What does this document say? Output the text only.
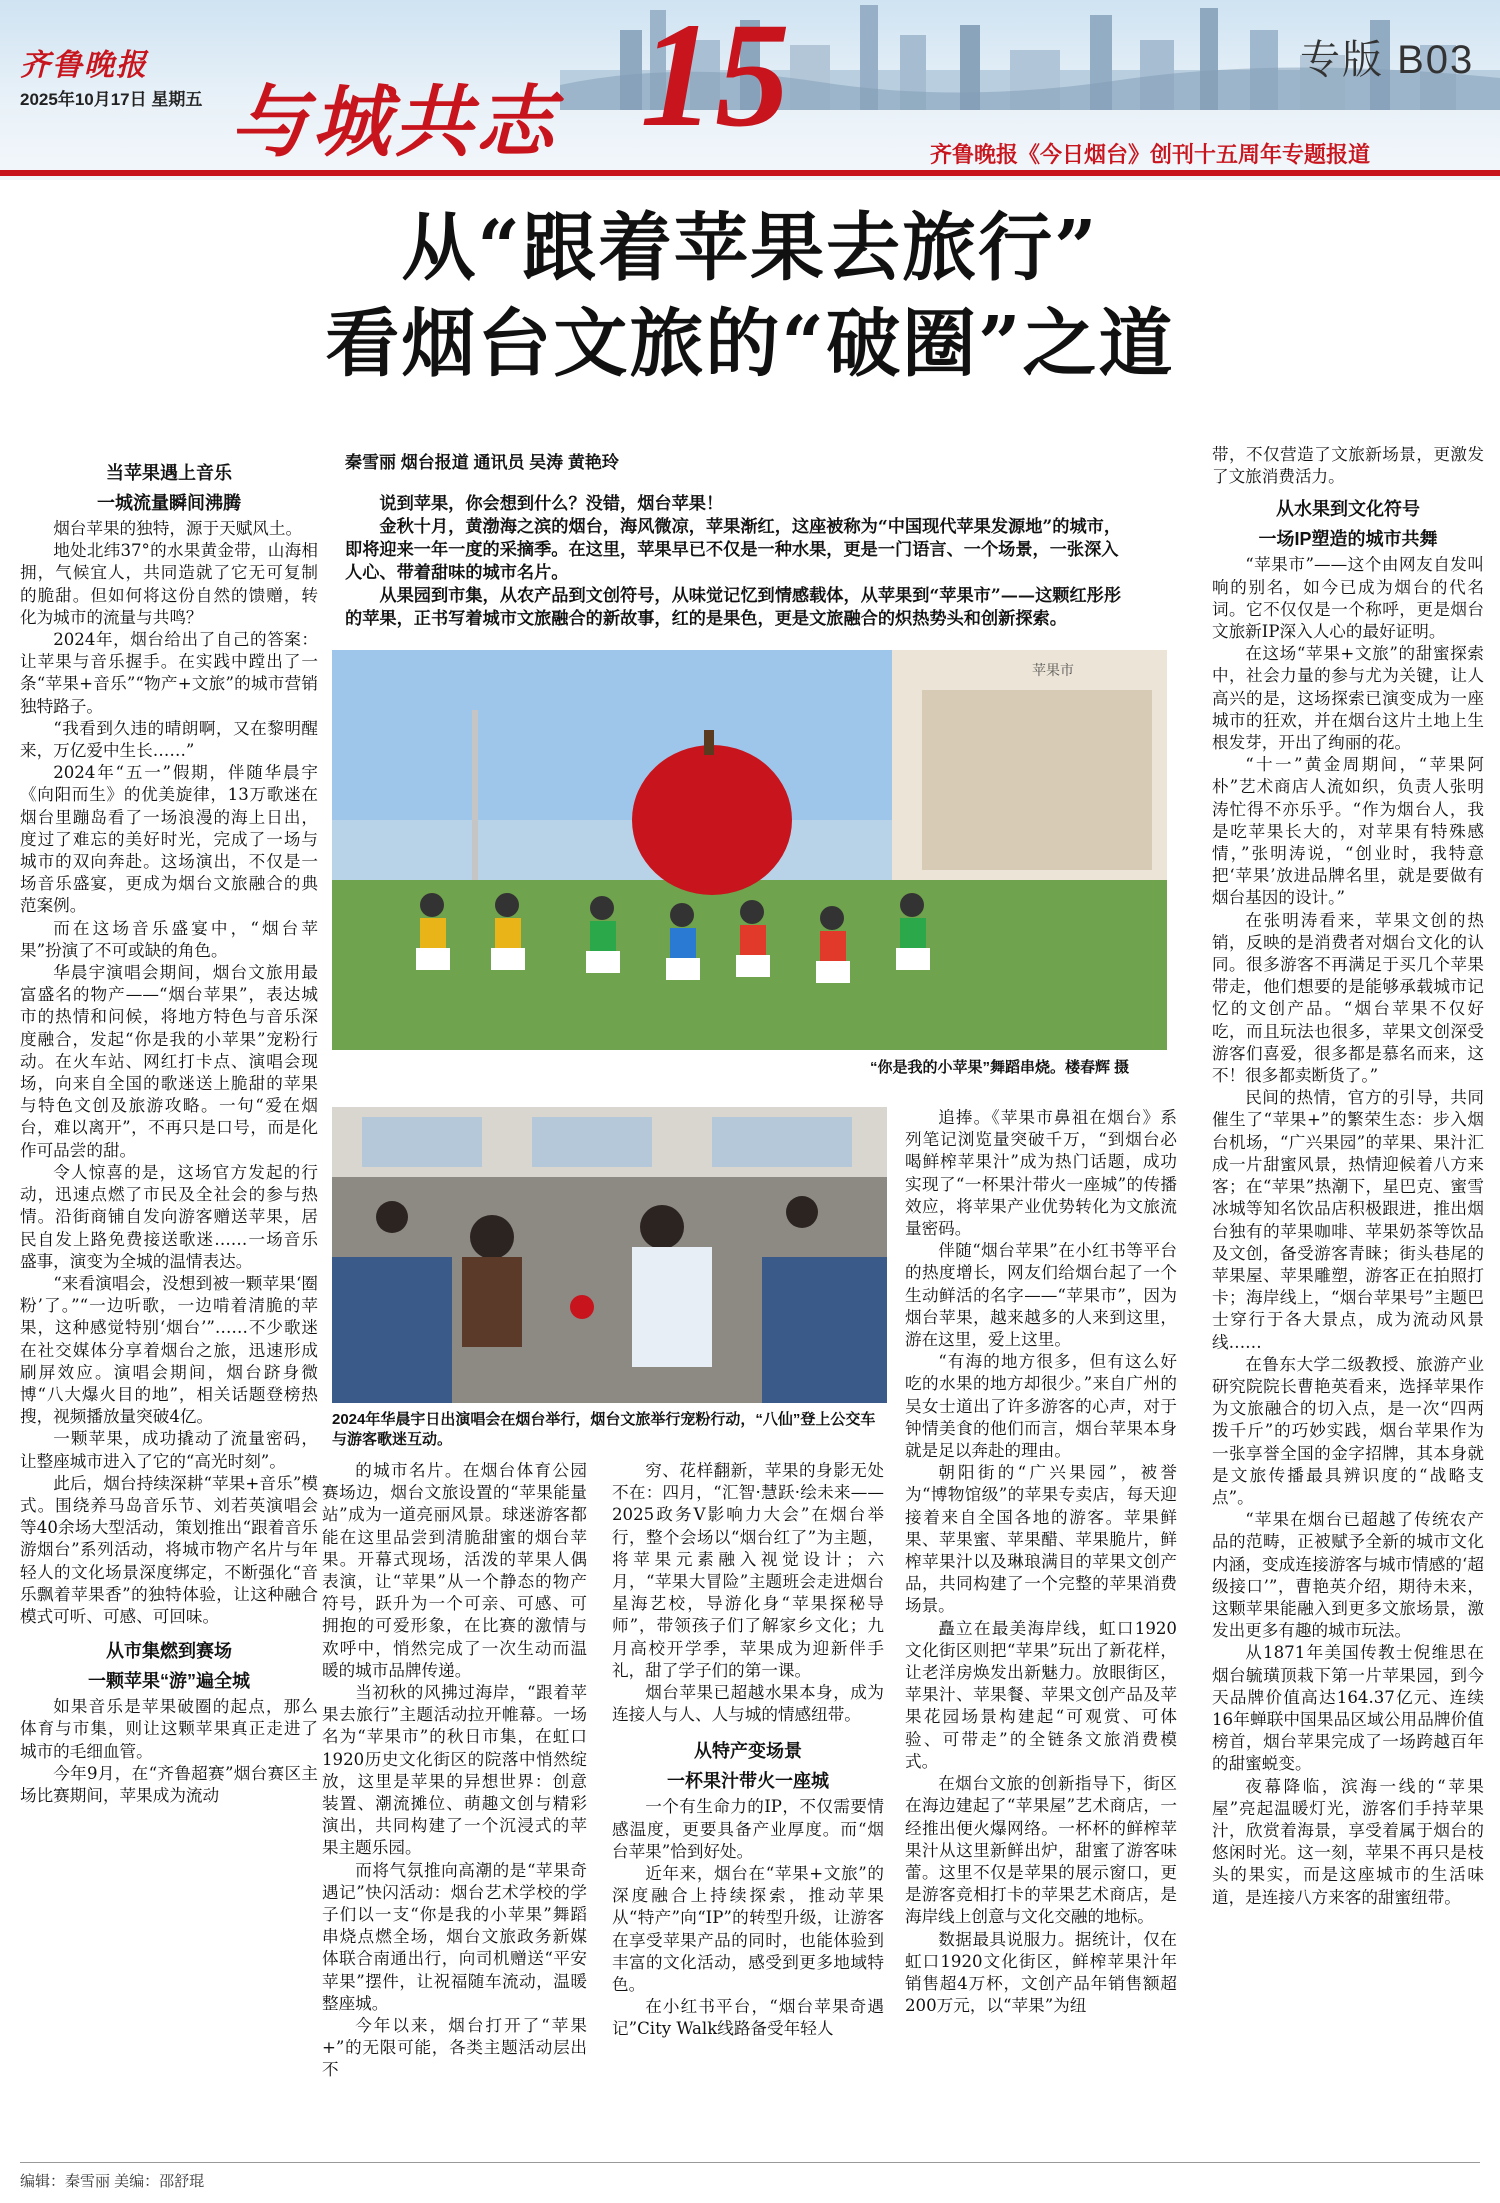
齐鲁晚报
2025年10月17日 星期五 与城共志 15	专版 B03
齐鲁晚报《今日烟台》创刊十五周年专题报道
从“跟着苹果去旅行”
看烟台文旅的“破圈”之道
秦雪丽 烟台报道 通讯员 吴涛 黄艳玲

说到苹果，你会想到什么？没错，烟台苹果！

金秋十月，黄渤海之滨的烟台，海风微凉，苹果渐红，这座被称为“中国现代苹果发源地”的城市，即将迎来一年一度的采摘季。在这里，苹果早已不仅是一种水果，更是一门语言、一个场景，一张深入人心、带着甜味的城市名片。

从果园到市集，从农产品到文创符号，从味觉记忆到情感载体，从苹果到“苹果市”——这颗红彤彤的苹果，正书写着城市文旅融合的新故事，红的是果色，更是文旅融合的炽热势头和创新探索。

当苹果遇上音乐
一城流量瞬间沸腾

烟台苹果的独特，源于天赋风土。

地处北纬37°的水果黄金带，山海相拥，气候宜人，共同造就了它无可复制的脆甜。但如何将这份自然的馈赠，转化为城市的流量与共鸣？

2024年，烟台给出了自己的答案：让苹果与音乐握手。在实践中蹚出了一条“苹果+音乐”“物产+文旅”的城市营销独特路子。

“我看到久违的晴朗啊，又在黎明醒来，万亿爱中生长……”

2024年“五一”假期，伴随华晨宇《向阳而生》的优美旋律，13万歌迷在烟台里蹦岛看了一场浪漫的海上日出，度过了难忘的美好时光，完成了一场与城市的双向奔赴。这场演出，不仅是一场音乐盛宴，更成为烟台文旅融合的典范案例。

而在这场音乐盛宴中，“烟台苹果”扮演了不可或缺的角色。

华晨宇演唱会期间，烟台文旅用最富盛名的物产——“烟台苹果”，表达城市的热情和问候，将地方特色与音乐深度融合，发起“你是我的小苹果”宠粉行动。在火车站、网红打卡点、演唱会现场，向来自全国的歌迷送上脆甜的苹果与特色文创及旅游攻略。一句“爱在烟台，难以离开”，不再只是口号，而是化作可品尝的甜。

令人惊喜的是，这场官方发起的行动，迅速点燃了市民及全社会的参与热情。沿街商铺自发向游客赠送苹果，居民自发上路免费接送歌迷……一场音乐盛事，演变为全城的温情表达。

“来看演唱会，没想到被一颗苹果‘圈粉’了。”“一边听歌，一边啃着清脆的苹果，这种感觉特别‘烟台’”……不少歌迷在社交媒体分享着烟台之旅，迅速形成刷屏效应。演唱会期间，烟台跻身微博“八大爆火目的地”，相关话题登榜热搜，视频播放量突破4亿。

一颗苹果，成功撬动了流量密码，让整座城市进入了它的“高光时刻”。

此后，烟台持续深耕“苹果+音乐”模式。围绕养马岛音乐节、刘若英演唱会等40余场大型活动，策划推出“跟着音乐游烟台”系列活动，将城市物产名片与年轻人的文化场景深度绑定，不断强化“音乐飘着苹果香”的独特体验，让这种融合模式可听、可感、可回味。

从市集燃到赛场
一颗苹果“游”遍全城

如果音乐是苹果破圈的起点，那么体育与市集，则让这颗苹果真正走进了城市的毛细血管。

今年9月，在“齐鲁超赛”烟台赛区主场比赛期间，苹果成为流动

苹果市
“你是我的小苹果”舞蹈串烧。楼春辉 摄
2024年华晨宇日出演唱会在烟台举行，烟台文旅举行宠粉行动，“八仙”登上公交车与游客歌迷互动。

的城市名片。在烟台体育公园赛场边，烟台文旅设置的“苹果能量站”成为一道亮丽风景。球迷游客都能在这里品尝到清脆甜蜜的烟台苹果。开幕式现场，活泼的苹果人偶表演，让“苹果”从一个静态的物产符号，跃升为一个可亲、可感、可拥抱的可爱形象，在比赛的激情与欢呼中，悄然完成了一次生动而温暖的城市品牌传递。

当初秋的风拂过海岸，“跟着苹果去旅行”主题活动拉开帷幕。一场名为“苹果市”的秋日市集，在虹口1920历史文化街区的院落中悄然绽放，这里是苹果的异想世界：创意装置、潮流摊位、萌趣文创与精彩演出，共同构建了一个沉浸式的苹果主题乐园。

而将气氛推向高潮的是“苹果奇遇记”快闪活动：烟台艺术学校的学子们以一支“你是我的小苹果”舞蹈串烧点燃全场，烟台文旅政务新媒体联合南通出行，向司机赠送“平安苹果”摆件，让祝福随车流动，温暖整座城。

今年以来，烟台打开了“苹果+”的无限可能，各类主题活动层出不

穷、花样翻新，苹果的身影无处不在：四月，“汇智·慧跃·绘未来——2025政务V影响力大会”在烟台举行，整个会场以“烟台红了”为主题，将苹果元素融入视觉设计；六月，“苹果大冒险”主题班会走进烟台星海艺校，导游化身“苹果探秘导师”，带领孩子们了解家乡文化；九月高校开学季，苹果成为迎新伴手礼，甜了学子们的第一课。

烟台苹果已超越水果本身，成为连接人与人、人与城的情感纽带。

从特产变场景
一杯果汁带火一座城

一个有生命力的IP，不仅需要情感温度，更要具备产业厚度。而“烟台苹果”恰到好处。

近年来，烟台在“苹果+文旅”的深度融合上持续探索，推动苹果从“特产”向“IP”的转型升级，让游客在享受苹果产品的同时，也能体验到丰富的文化活动，感受到更多地域特色。

在小红书平台，“烟台苹果奇遇记”City Walk线路备受年轻人

追捧。《苹果市鼻祖在烟台》系列笔记浏览量突破千万，“到烟台必喝鲜榨苹果汁”成为热门话题，成功实现了“一杯果汁带火一座城”的传播效应，将苹果产业优势转化为文旅流量密码。

伴随“烟台苹果”在小红书等平台的热度增长，网友们给烟台起了一个生动鲜活的名字——“苹果市”，因为烟台苹果，越来越多的人来到这里，游在这里，爱上这里。

“有海的地方很多，但有这么好吃的水果的地方却很少。”来自广州的吴女士道出了许多游客的心声，对于钟情美食的他们而言，烟台苹果本身就是足以奔赴的理由。

朝阳街的“广兴果园”，被誉为“博物馆级”的苹果专卖店，每天迎接着来自全国各地的游客。苹果鲜果、苹果蜜、苹果醋、苹果脆片，鲜榨苹果汁以及琳琅满目的苹果文创产品，共同构建了一个完整的苹果消费场景。

矗立在最美海岸线，虹口1920文化街区则把“苹果”玩出了新花样，让老洋房焕发出新魅力。放眼街区，苹果汁、苹果餐、苹果文创产品及苹果花园场景构建起“可观赏、可体验、可带走”的全链条文旅消费模式。

在烟台文旅的创新指导下，街区在海边建起了“苹果屋”艺术商店，一经推出便火爆网络。一杯杯的鲜榨苹果汁从这里新鲜出炉，甜蜜了游客味蕾。这里不仅是苹果的展示窗口，更是游客竞相打卡的苹果艺术商店，是海岸线上创意与文化交融的地标。

数据最具说服力。据统计，仅在虹口1920文化街区，鲜榨苹果汁年销售超4万杯，文创产品年销售额超200万元，以“苹果”为纽

带，不仅营造了文旅新场景，更激发了文旅消费活力。

从水果到文化符号
一场IP塑造的城市共舞

“苹果市”——这个由网友自发叫响的别名，如今已成为烟台的代名词。它不仅仅是一个称呼，更是烟台文旅新IP深入人心的最好证明。

在这场“苹果+文旅”的甜蜜探索中，社会力量的参与尤为关键，让人高兴的是，这场探索已演变成为一座城市的狂欢，并在烟台这片土地上生根发芽，开出了绚丽的花。

“十一”黄金周期间，“苹果阿朴”艺术商店人流如织，负责人张明涛忙得不亦乐乎。“作为烟台人，我是吃苹果长大的，对苹果有特殊感情，”张明涛说，“创业时，我特意把‘苹果’放进品牌名里，就是要做有烟台基因的设计。”

在张明涛看来，苹果文创的热销，反映的是消费者对烟台文化的认同。很多游客不再满足于买几个苹果带走，他们想要的是能够承载城市记忆的文创产品。“烟台苹果不仅好吃，而且玩法也很多，苹果文创深受游客们喜爱，很多都是慕名而来，这不！很多都卖断货了。”

民间的热情，官方的引导，共同催生了“苹果+”的繁荣生态：步入烟台机场，“广兴果园”的苹果、果汁汇成一片甜蜜风景，热情迎候着八方来客；在“苹果”热潮下，星巴克、蜜雪冰城等知名饮品店积极跟进，推出烟台独有的苹果咖啡、苹果奶茶等饮品及文创，备受游客青睐；街头巷尾的苹果屋、苹果雕塑，游客正在拍照打卡；海岸线上，“烟台苹果号”主题巴士穿行于各大景点，成为流动风景线……

在鲁东大学二级教授、旅游产业研究院院长曹艳英看来，选择苹果作为文旅融合的切入点，是一次“四两拨千斤”的巧妙实践，烟台苹果作为一张享誉全国的金字招牌，其本身就是文旅传播最具辨识度的“战略支点”。

“苹果在烟台已超越了传统农产品的范畴，正被赋予全新的城市文化内涵，变成连接游客与城市情感的‘超级接口’”，曹艳英介绍，期待未来，这颗苹果能融入到更多文旅场景，激发出更多有趣的城市玩法。

从1871年美国传教士倪维思在烟台毓璜顶栽下第一片苹果园，到今天品牌价值高达164.37亿元、连续16年蝉联中国果品区域公用品牌价值榜首，烟台苹果完成了一场跨越百年的甜蜜蜕变。

夜幕降临，滨海一线的“苹果屋”亮起温暖灯光，游客们手持苹果汁，欣赏着海景，享受着属于烟台的悠闲时光。这一刻，苹果不再只是枝头的果实，而是这座城市的生活味道，是连接八方来客的甜蜜纽带。

编辑：秦雪丽 美编：邵舒琨
